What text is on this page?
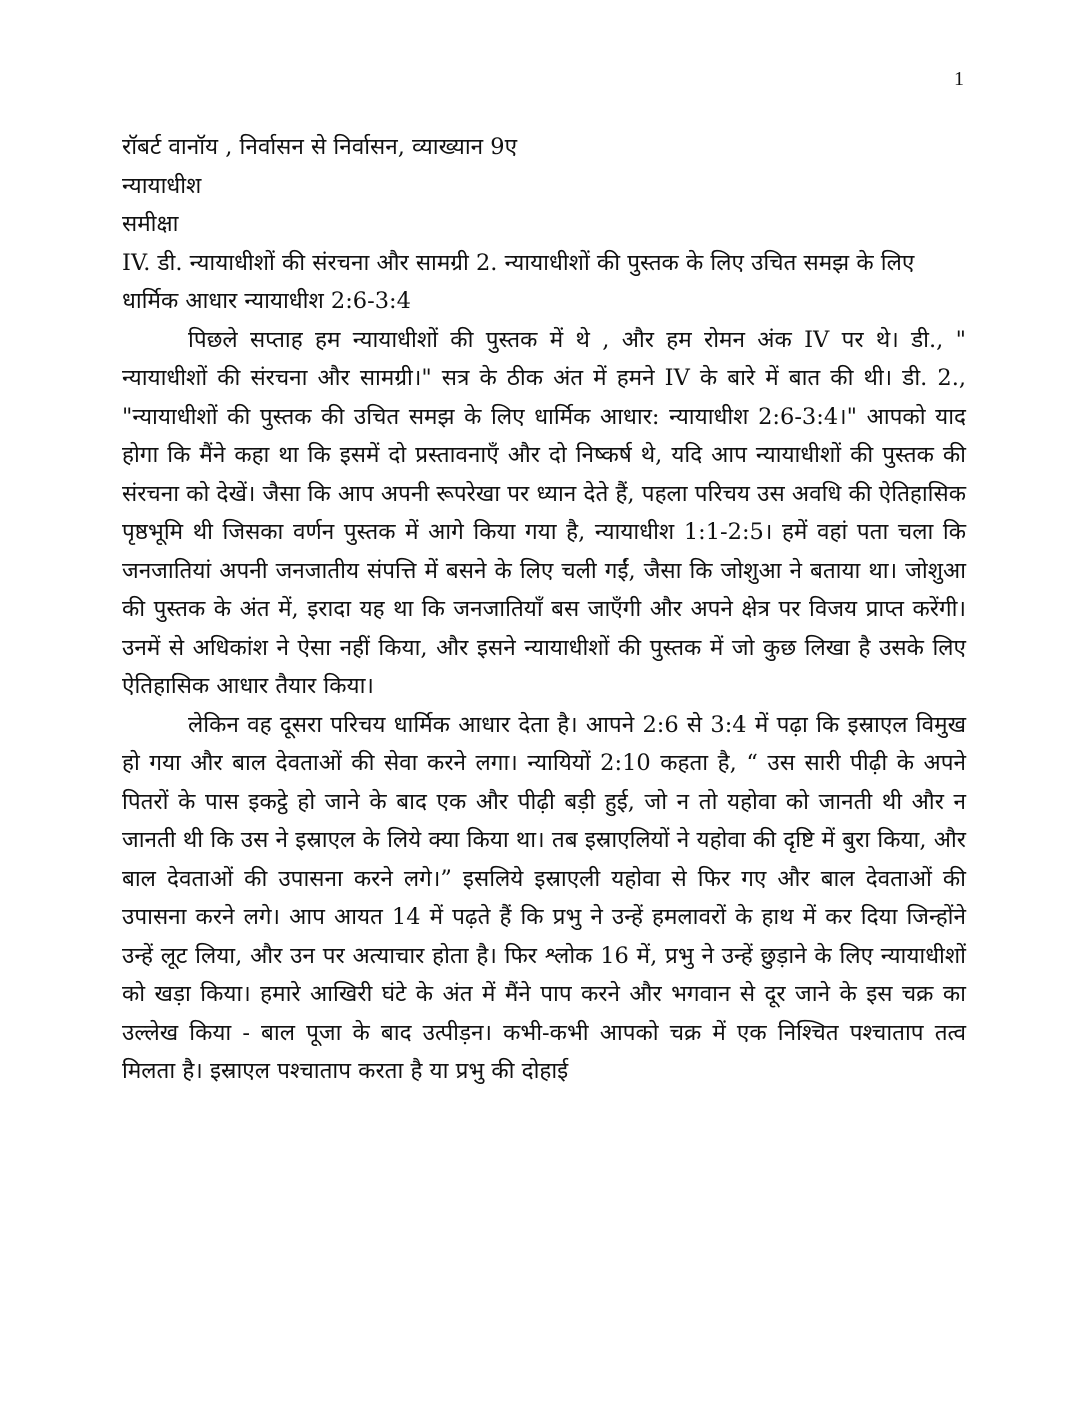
1

रॉबर्ट वानॉय , निर्वासन से निर्वासन, व्याख्यान 9ए

न्यायाधीश

समीक्षा

IV. डी. न्यायाधीशों की संरचना और सामग्री 2. न्यायाधीशों की पुस्तक के लिए उचित समझ के लिए धार्मिक आधार न्यायाधीश 2:6-3:4

पिछले सप्ताह हम न्यायाधीशों की पुस्तक में थे , और हम रोमन अंक IV पर थे। डी., " न्यायाधीशों की संरचना और सामग्री।" सत्र के ठीक अंत में हमने IV के बारे में बात की थी। डी. 2., "न्यायाधीशों की पुस्तक की उचित समझ के लिए धार्मिक आधार: न्यायाधीश 2:6-3:4।" आपको याद होगा कि मैंने कहा था कि इसमें दो प्रस्तावनाएँ और दो निष्कर्ष थे, यदि आप न्यायाधीशों की पुस्तक की संरचना को देखें। जैसा कि आप अपनी रूपरेखा पर ध्यान देते हैं, पहला परिचय उस अवधि की ऐतिहासिक पृष्ठभूमि थी जिसका वर्णन पुस्तक में आगे किया गया है, न्यायाधीश 1:1-2:5। हमें वहां पता चला कि जनजातियां अपनी जनजातीय संपत्ति में बसने के लिए चली गईं, जैसा कि जोशुआ ने बताया था। जोशुआ की पुस्तक के अंत में, इरादा यह था कि जनजातियाँ बस जाएँगी और अपने क्षेत्र पर विजय प्राप्त करेंगी। उनमें से अधिकांश ने ऐसा नहीं किया, और इसने न्यायाधीशों की पुस्तक में जो कुछ लिखा है उसके लिए ऐतिहासिक आधार तैयार किया।

लेकिन वह दूसरा परिचय धार्मिक आधार देता है। आपने 2:6 से 3:4 में पढ़ा कि इस्राएल विमुख हो गया और बाल देवताओं की सेवा करने लगा। न्यायियों 2:10 कहता है, “ उस सारी पीढ़ी के अपने पितरों के पास इकट्ठे हो जाने के बाद एक और पीढ़ी बड़ी हुई, जो न तो यहोवा को जानती थी और न जानती थी कि उस ने इस्राएल के लिये क्या किया था। तब इस्राएलियों ने यहोवा की दृष्टि में बुरा किया, और बाल देवताओं की उपासना करने लगे।” इसलिये इस्राएली यहोवा से फिर गए और बाल देवताओं की उपासना करने लगे। आप आयत 14 में पढ़ते हैं कि प्रभु ने उन्हें हमलावरों के हाथ में कर दिया जिन्होंने उन्हें लूट लिया, और उन पर अत्याचार होता है। फिर श्लोक 16 में, प्रभु ने उन्हें छुड़ाने के लिए न्यायाधीशों को खड़ा किया। हमारे आखिरी घंटे के अंत में मैंने पाप करने और भगवान से दूर जाने के इस चक्र का उल्लेख किया - बाल पूजा के बाद उत्पीड़न। कभी-कभी आपको चक्र में एक निश्चित पश्चाताप तत्व मिलता है। इस्राएल पश्चाताप करता है या प्रभु की दोहाई
